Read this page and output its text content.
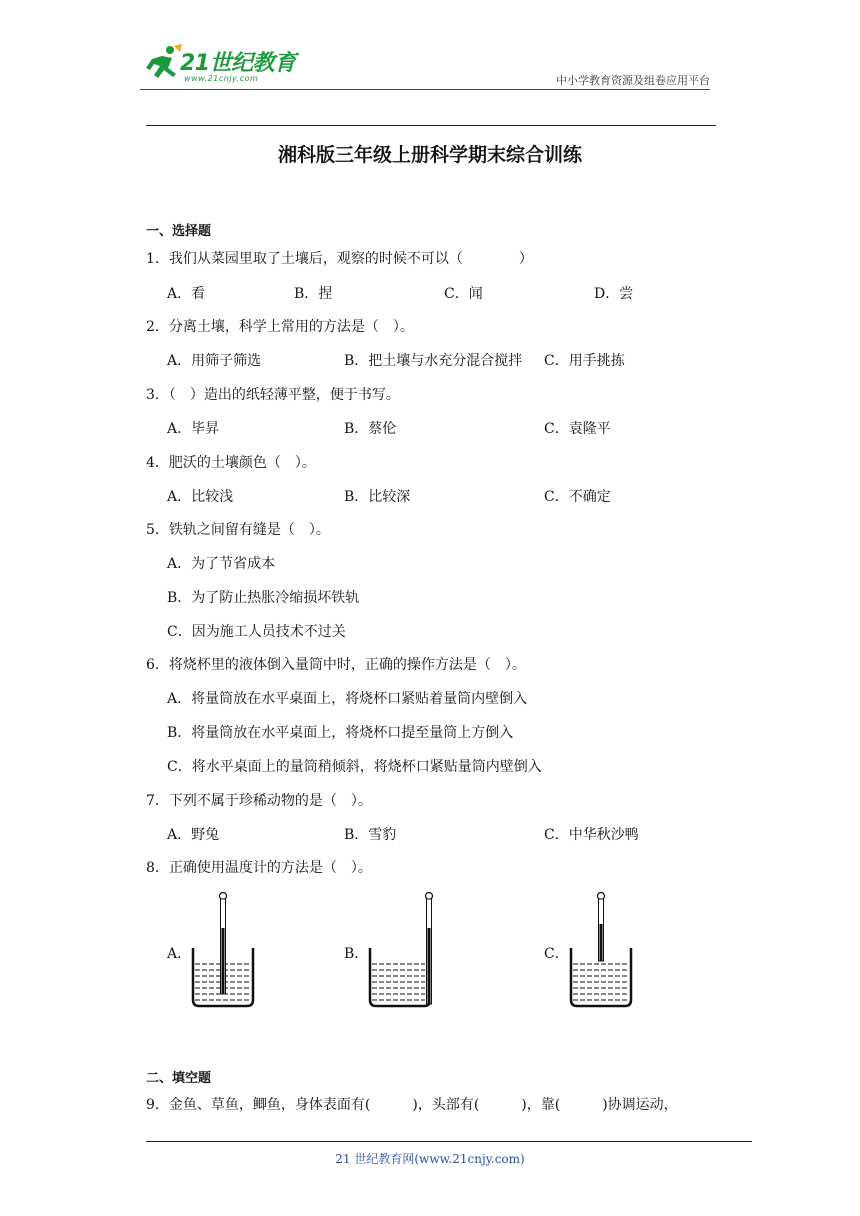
21世纪教育
www.21cnjy.com	中小学教育资源及组卷应用平台
湘科版三年级上册科学期末综合训练
一、选择题
1．我们从菜园里取了土壤后，观察的时候不可以（　　　　）
A．看	B．捏	C．闻	D．尝
2．分离土壤，科学上常用的方法是（　）。
A．用筛子筛选	B．把土壤与水充分混合搅拌 C．用手挑拣
3．（　）造出的纸轻薄平整，便于书写。
A．毕昇	B．蔡伦	C．袁隆平
4．肥沃的土壤颜色（　）。
A．比较浅	B．比较深	C．不确定
5．铁轨之间留有缝是（　）。
A．为了节省成本
B．为了防止热胀冷缩损坏铁轨
C．因为施工人员技术不过关
6．将烧杯里的液体倒入量筒中时，正确的操作方法是（　）。
A．将量筒放在水平桌面上，将烧杯口紧贴着量筒内壁倒入
B．将量筒放在水平桌面上，将烧杯口提至量筒上方倒入
C．将水平桌面上的量筒稍倾斜，将烧杯口紧贴量筒内壁倒入
7．下列不属于珍稀动物的是（　）。
A．野兔	B．雪豹	C．中华秋沙鸭
8．正确使用温度计的方法是（　）。
A．	B．	C．
二、填空题
9．金鱼、草鱼，鲫鱼，身体表面有(　　　)，头部有(　　　)，靠(　　　)协调运动，
21 世纪教育网(www.21cnjy.com)
